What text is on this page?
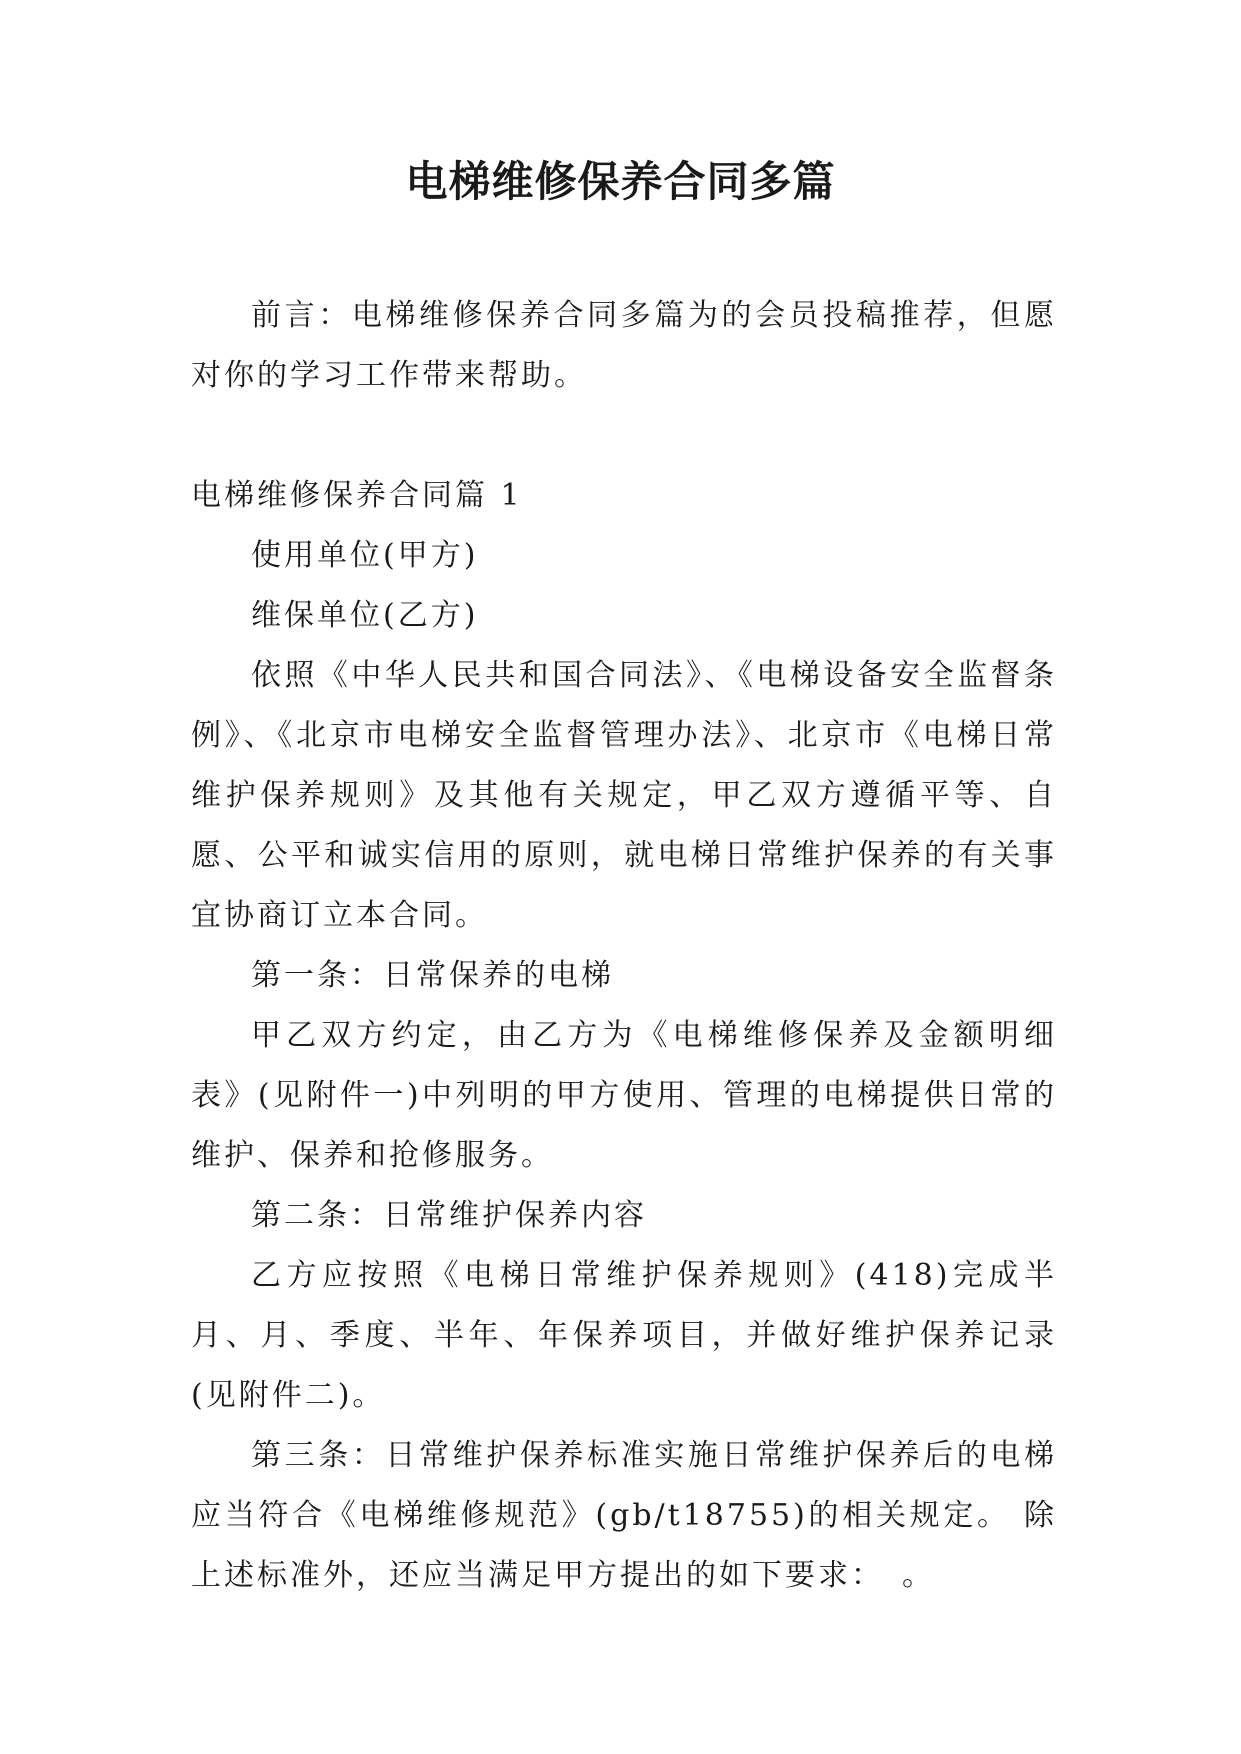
电梯维修保养合同多篇

前言：电梯维修保养合同多篇为的会员投稿推荐，但愿对你的学习工作带来帮助。

电梯维修保养合同篇 1

使用单位(甲方)

维保单位(乙方)

依照《中华人民共和国合同法》、《电梯设备安全监督条例》、《北京市电梯安全监督管理办法》、北京市《电梯日常维护保养规则》及其他有关规定，甲乙双方遵循平等、自愿、公平和诚实信用的原则，就电梯日常维护保养的有关事宜协商订立本合同。

第一条：日常保养的电梯

甲乙双方约定，由乙方为《电梯维修保养及金额明细表》(见附件一)中列明的甲方使用、管理的电梯提供日常的维护、保养和抢修服务。

第二条：日常维护保养内容

乙方应按照《电梯日常维护保养规则》(418)完成半月、月、季度、半年、年保养项目，并做好维护保养记录(见附件二)。

第三条：日常维护保养标准实施日常维护保养后的电梯应当符合《电梯维修规范》(gb/t18755)的相关规定。 除上述标准外，还应当满足甲方提出的如下要求：　。
